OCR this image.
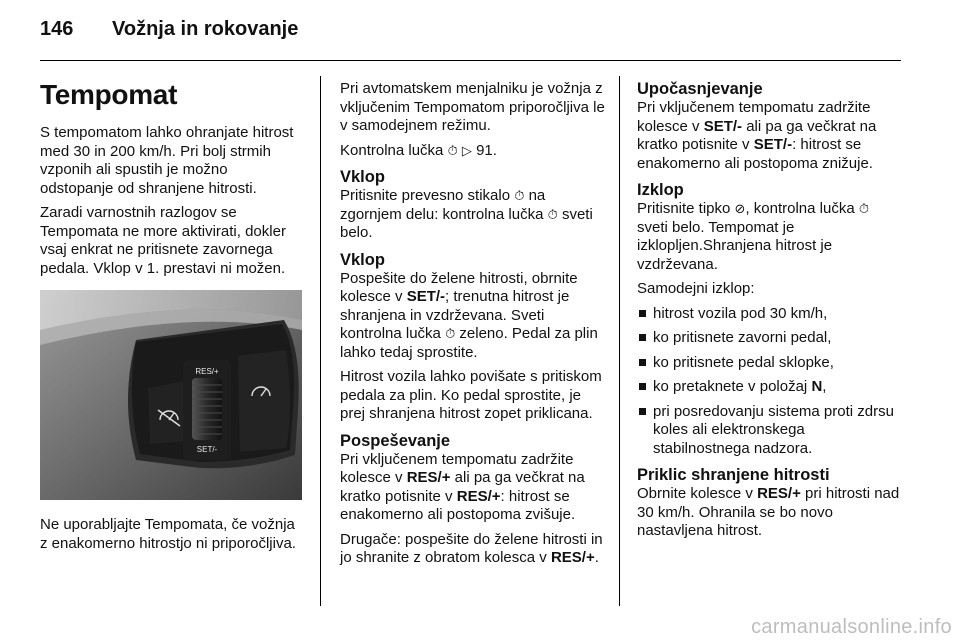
146 Vožnja in rokovanje
Tempomat

S tempomatom lahko ohranjate hitrost med 30 in 200 km/h. Pri bolj strmih vzponih ali spustih je možno odstopanje od shranjene hitrosti.

Zaradi varnostnih razlogov se Tempomata ne more aktivirati, dokler vsaj enkrat ne pritisnete zavornega pedala. Vklop v 1. prestavi ni možen.

RES/+
SET/-

Ne uporabljajte Tempomata, če vožnja z enakomerno hitrostjo ni priporočljiva.

Pri avtomatskem menjalniku je vožnja z vključenim Tempomatom priporočljiva le v samodejnem režimu.

Kontrolna lučka ⏱ ▷ 91.

Vklop

Pritisnite prevesno stikalo ⏱ na zgornjem delu: kontrolna lučka ⏱ sveti belo.

Vklop

Pospešite do želene hitrosti, obrnite kolesce v SET/-; trenutna hitrost je shranjena in vzdrževana. Sveti kontrolna lučka ⏱ zeleno. Pedal za plin lahko tedaj sprostite.

Hitrost vozila lahko povišate s pritiskom pedala za plin. Ko pedal sprostite, je prej shranjena hitrost zopet priklicana.

Pospeševanje

Pri vključenem tempomatu zadržite kolesce v RES/+ ali pa ga večkrat na kratko potisnite v RES/+: hitrost se enakomerno ali postopoma zvišuje.

Drugače: pospešite do želene hitrosti in jo shranite z obratom kolesca v RES/+.

Upočasnjevanje

Pri vključenem tempomatu zadržite kolesce v SET/- ali pa ga večkrat na kratko potisnite v SET/-: hitrost se enakomerno ali postopoma znižuje.

Izklop

Pritisnite tipko ⊘, kontrolna lučka ⏱ sveti belo. Tempomat je izklopljen.Shranjena hitrost je vzdrževana.

Samodejni izklop:

hitrost vozila pod 30 km/h,
ko pritisnete zavorni pedal,
ko pritisnete pedal sklopke,
ko pretaknete v položaj N,
pri posredovanju sistema proti zdrsu koles ali elektronskega stabilnostnega nadzora.
Priklic shranjene hitrosti

Obrnite kolesce v RES/+ pri hitrosti nad 30 km/h. Ohranila se bo novo nastavljena hitrost.

carmanualsonline.info
